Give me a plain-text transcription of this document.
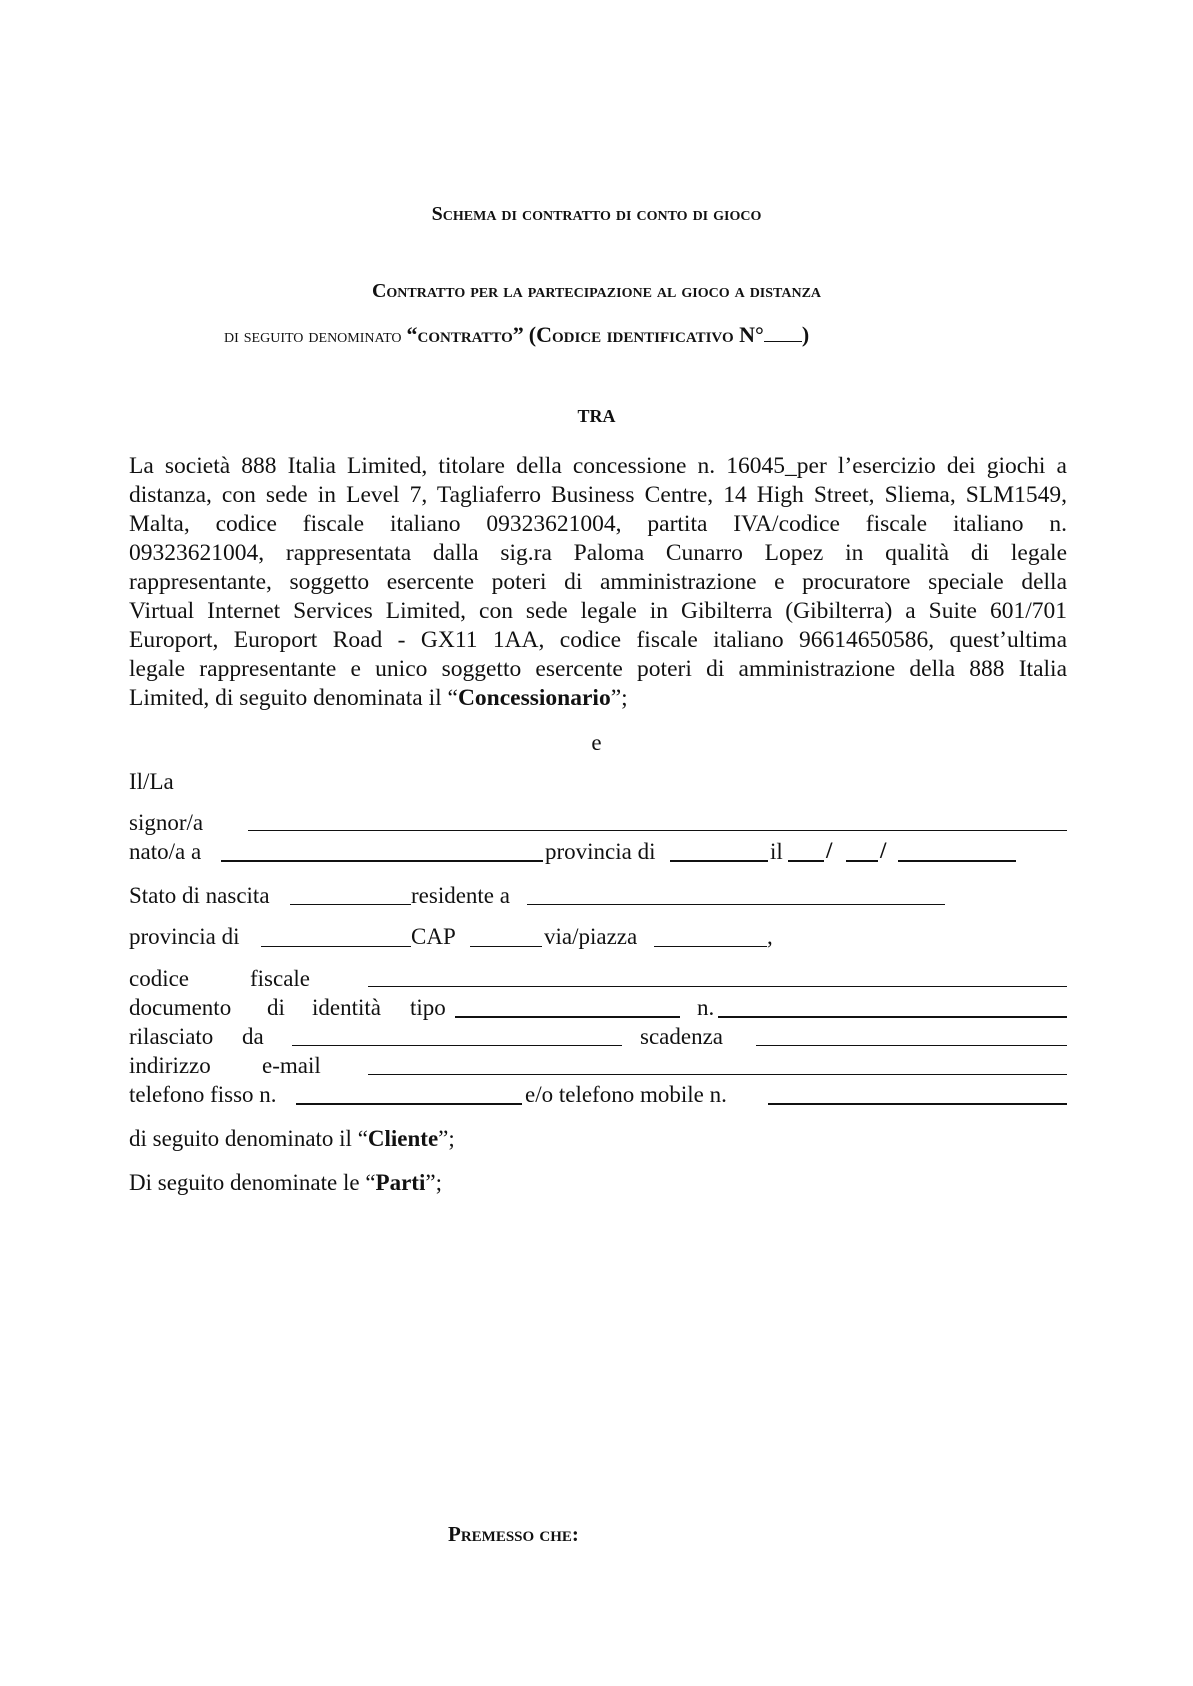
Schema di contratto di conto di gioco
Contratto per la partecipazione al gioco a distanza
di seguito denominato “contratto” (Codice identificativo N° )
TRA
La società 888 Italia Limited, titolare della concessione n. 16045_per l’esercizio dei giochi a
distanza, con sede in Level 7, Tagliaferro Business Centre, 14 High Street, Sliema, SLM1549,
Malta, codice fiscale italiano 09323621004, partita IVA/codice fiscale italiano n.
09323621004, rappresentata dalla sig.ra Paloma Cunarro Lopez in qualità di legale
rappresentante, soggetto esercente poteri di amministrazione e procuratore speciale della
Virtual Internet Services Limited, con sede legale in Gibilterra (Gibilterra) a Suite 601/701
Europort, Europort Road - GX11 1AA, codice fiscale italiano 96614650586, quest’ultima
legale rappresentante e unico soggetto esercente poteri di amministrazione della 888 Italia
Limited, di seguito denominata il “Concessionario”;
e
Il/La
signor/a
nato/a a	provincia di	il / /
Stato di nascita	residente a
provincia di	CAP	via/piazza	,
codice	fiscale
documento di identità tipo	n.
rilasciato da	scadenza
indirizzo e-mail
telefono fisso n.	e/o telefono mobile n.
di seguito denominato il “Cliente”;
Di seguito denominate le “Parti”;
Premesso che:
